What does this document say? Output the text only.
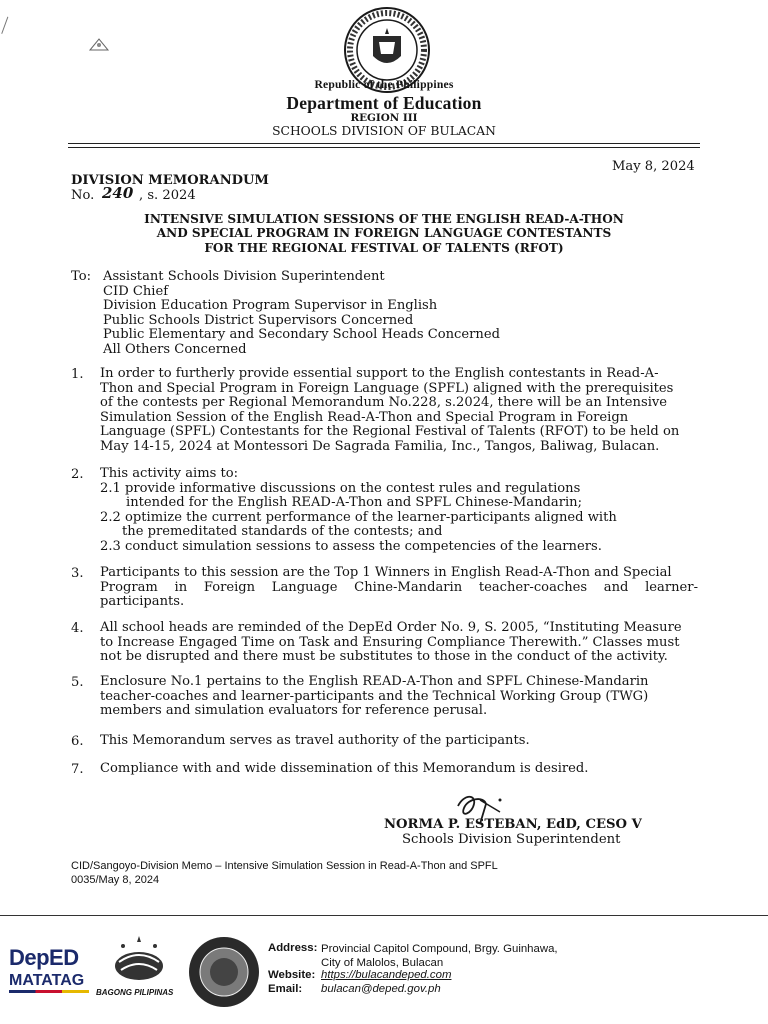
Republic of the Philippines
Department of Education
REGION III
SCHOOLS DIVISION OF BULACAN
May 8, 2024
DIVISION MEMORANDUM
No. 240 , s. 2024
INTENSIVE SIMULATION SESSIONS OF THE ENGLISH READ-A-THON
AND SPECIAL PROGRAM IN FOREIGN LANGUAGE CONTESTANTS
FOR THE REGIONAL FESTIVAL OF TALENTS (RFOT)
To: Assistant Schools Division Superintendent
CID Chief
Division Education Program Supervisor in English
Public Schools District Supervisors Concerned
Public Elementary and Secondary School Heads Concerned
All Others Concerned
1. In order to furtherly provide essential support to the English contestants in Read-A-
Thon and Special Program in Foreign Language (SPFL) aligned with the prerequisites
of the contests per Regional Memorandum No.228, s.2024, there will be an Intensive
Simulation Session of the English Read-A-Thon and Special Program in Foreign
Language (SPFL) Contestants for the Regional Festival of Talents (RFOT) to be held on
May 14-15, 2024 at Montessori De Sagrada Familia, Inc., Tangos, Baliwag, Bulacan.
2. This activity aims to:
2.1 provide informative discussions on the contest rules and regulations
intended for the English READ-A-Thon and SPFL Chinese-Mandarin;
2.2 optimize the current performance of the learner-participants aligned with
the premeditated standards of the contests; and
2.3 conduct simulation sessions to assess the competencies of the learners.
3. Participants to this session are the Top 1 Winners in English Read-A-Thon and Special
Program in Foreign Language Chine-Mandarin teacher-coaches and learner-
participants.
4. All school heads are reminded of the DepEd Order No. 9, S. 2005, “Instituting Measure
to Increase Engaged Time on Task and Ensuring Compliance Therewith.” Classes must
not be disrupted and there must be substitutes to those in the conduct of the activity.
5. Enclosure No.1 pertains to the English READ-A-Thon and SPFL Chinese-Mandarin
teacher-coaches and learner-participants and the Technical Working Group (TWG)
members and simulation evaluators for reference perusal.
6. This Memorandum serves as travel authority of the participants.
7. Compliance with and wide dissemination of this Memorandum is desired.
NORMA P. ESTEBAN, EdD, CESO V
Schools Division Superintendent
CID/Sangoyo-Division Memo – Intensive Simulation Session in Read-A-Thon and SPFL
0035/May 8, 2024
DepED
MATATAG
BAGONG PILIPINAS
Address: Provincial Capitol Compound, Brgy. Guinhawa,
City of Malolos, Bulacan
Website: https://bulacandeped.com
Email: bulacan@deped.gov.ph
